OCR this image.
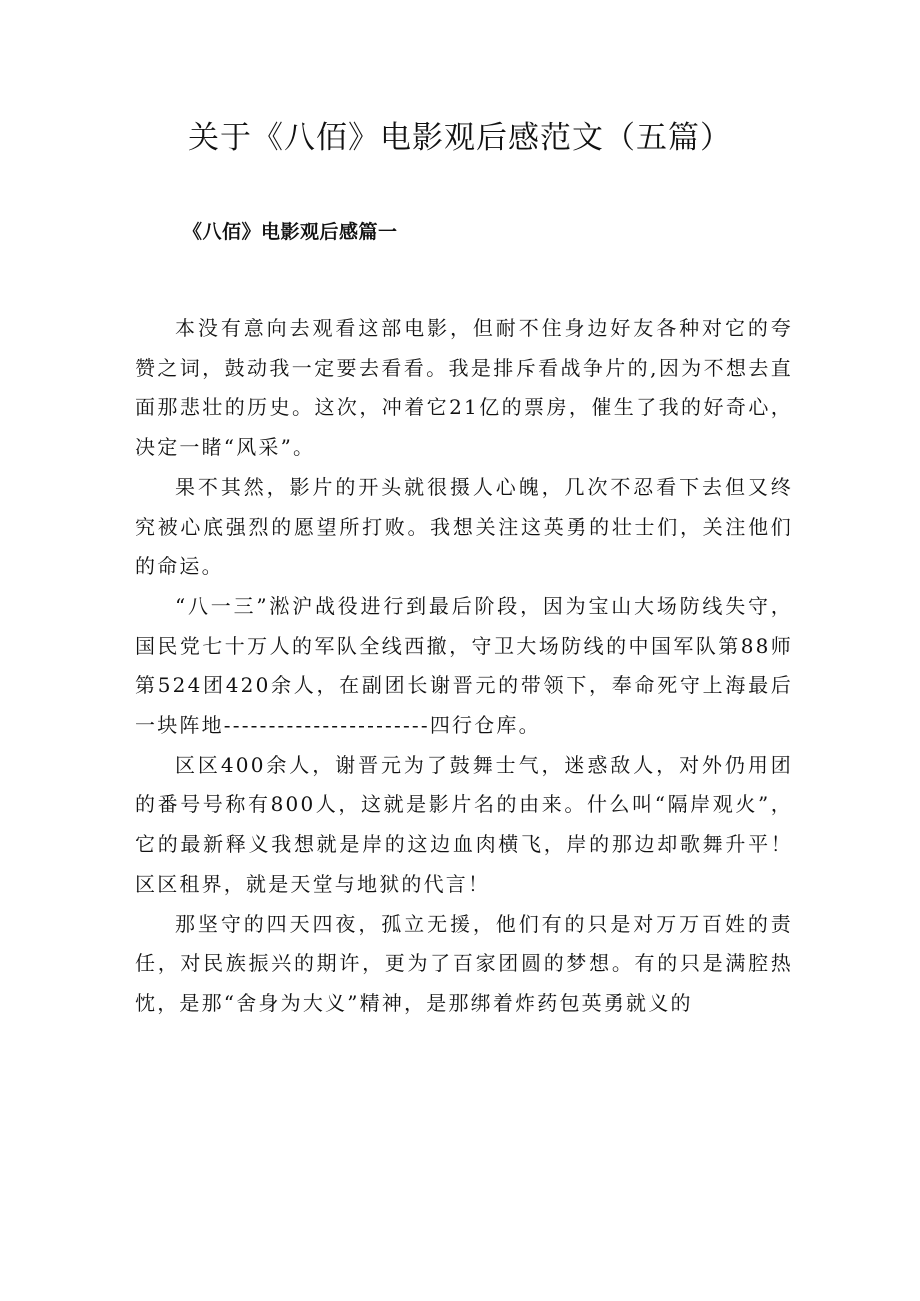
关于《八佰》电影观后感范文（五篇）
《八佰》电影观后感篇一

本没有意向去观看这部电影，但耐不住身边好友各种对它的夸赞之词，鼓动我一定要去看看。我是排斥看战争片的,因为不想去直面那悲壮的历史。这次，冲着它21亿的票房，催生了我的好奇心，决定一睹“风采”。

果不其然，影片的开头就很摄人心魄，几次不忍看下去但又终究被心底强烈的愿望所打败。我想关注这英勇的壮士们，关注他们的命运。

“八一三”淞沪战役进行到最后阶段，因为宝山大场防线失守，国民党七十万人的军队全线西撤，守卫大场防线的中国军队第88师第524团420余人，在副团长谢晋元的带领下，奉命死守上海最后一块阵地-----------------------四行仓库。

区区400余人，谢晋元为了鼓舞士气，迷惑敌人，对外仍用团的番号号称有800人，这就是影片名的由来。什么叫“隔岸观火”，它的最新释义我想就是岸的这边血肉横飞，岸的那边却歌舞升平！区区租界，就是天堂与地狱的代言！

那坚守的四天四夜，孤立无援，他们有的只是对万万百姓的责任，对民族振兴的期许，更为了百家团圆的梦想。有的只是满腔热忱，是那“舍身为大义”精神，是那绑着炸药包英勇就义的
